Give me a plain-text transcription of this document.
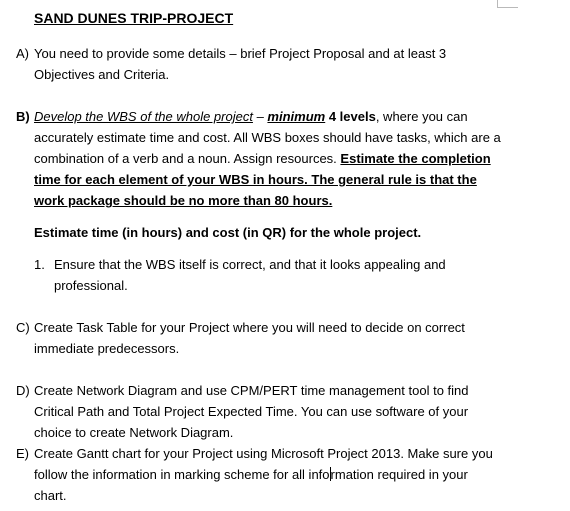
SAND DUNES TRIP-PROJECT
A) You need to provide some details – brief Project Proposal and at least 3 Objectives and Criteria.
B) Develop the WBS of the whole project – minimum 4 levels, where you can accurately estimate time and cost. All WBS boxes should have tasks, which are a combination of a verb and a noun. Assign resources. Estimate the completion time for each element of your WBS in hours. The general rule is that the work package should be no more than 80 hours.
Estimate time (in hours) and cost (in QR) for the whole project.
1. Ensure that the WBS itself is correct, and that it looks appealing and professional.
C) Create Task Table for your Project where you will need to decide on correct immediate predecessors.
D) Create Network Diagram and use CPM/PERT time management tool to find Critical Path and Total Project Expected Time. You can use software of your choice to create Network Diagram.
E) Create Gantt chart for your Project using Microsoft Project 2013. Make sure you follow the information in marking scheme for all information required in your chart.
